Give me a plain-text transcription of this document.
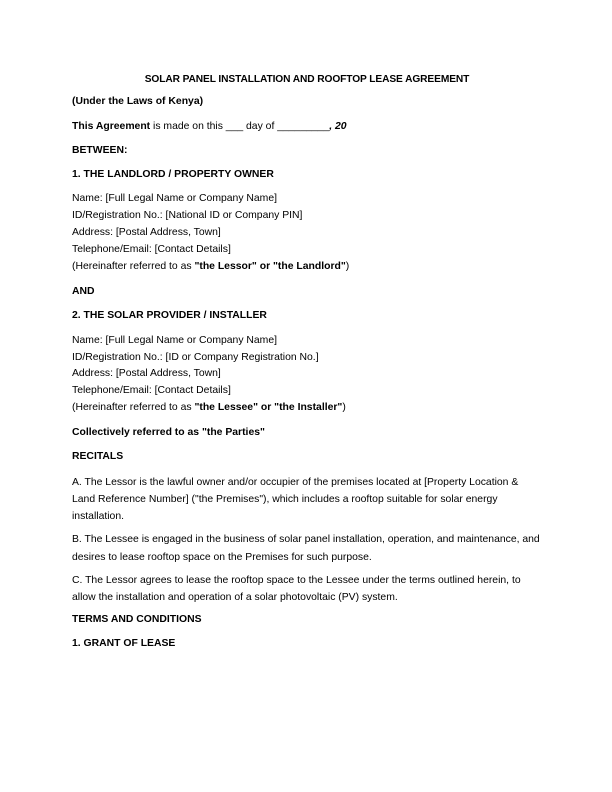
SOLAR PANEL INSTALLATION AND ROOFTOP LEASE AGREEMENT

(Under the Laws of Kenya)

This Agreement is made on this ___ day of _________, 20

BETWEEN:

1. THE LANDLORD / PROPERTY OWNER

Name: [Full Legal Name or Company Name]
ID/Registration No.: [National ID or Company PIN]
Address: [Postal Address, Town]
Telephone/Email: [Contact Details]
(Hereinafter referred to as "the Lessor" or "the Landlord")

AND

2. THE SOLAR PROVIDER / INSTALLER

Name: [Full Legal Name or Company Name]
ID/Registration No.: [ID or Company Registration No.]
Address: [Postal Address, Town]
Telephone/Email: [Contact Details]
(Hereinafter referred to as "the Lessee" or "the Installer")

Collectively referred to as "the Parties"

RECITALS

A. The Lessor is the lawful owner and/or occupier of the premises located at [Property Location & Land Reference Number] ("the Premises"), which includes a rooftop suitable for solar energy installation.

B. The Lessee is engaged in the business of solar panel installation, operation, and maintenance, and desires to lease rooftop space on the Premises for such purpose.

C. The Lessor agrees to lease the rooftop space to the Lessee under the terms outlined herein, to allow the installation and operation of a solar photovoltaic (PV) system.

TERMS AND CONDITIONS

1. GRANT OF LEASE
